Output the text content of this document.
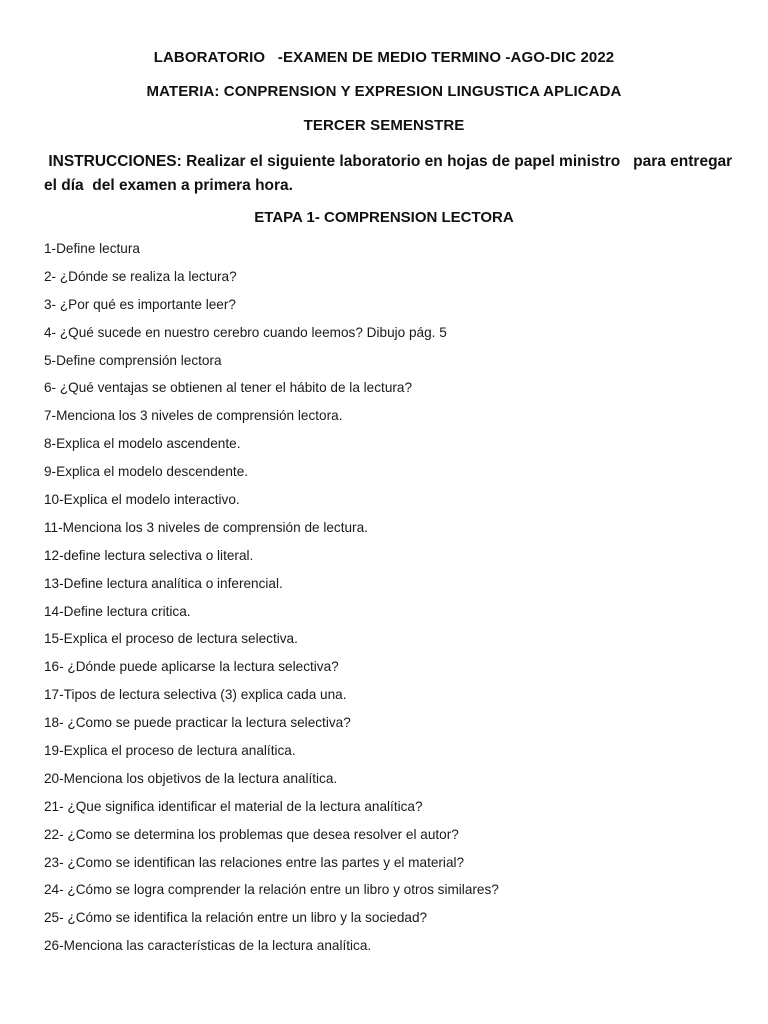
LABORATORIO   -EXAMEN DE MEDIO TERMINO -AGO-DIC 2022
MATERIA: CONPRENSION Y EXPRESION LINGUSTICA APLICADA
TERCER SEMENSTRE
INSTRUCCIONES: Realizar el siguiente laboratorio en hojas de papel ministro   para entregar el día  del examen a primera hora.
ETAPA 1- COMPRENSION LECTORA
1-Define lectura
2- ¿Dónde se realiza la lectura?
3- ¿Por qué es importante leer?
4- ¿Qué sucede en nuestro cerebro cuando leemos? Dibujo pág. 5
5-Define comprensión lectora
6- ¿Qué ventajas se obtienen al tener el hábito de la lectura?
7-Menciona los 3 niveles de comprensión lectora.
8-Explica el modelo ascendente.
9-Explica el modelo descendente.
10-Explica el modelo interactivo.
11-Menciona los 3 niveles de comprensión de lectura.
12-define lectura selectiva o literal.
13-Define lectura analítica o inferencial.
14-Define lectura critica.
15-Explica el proceso de lectura selectiva.
16- ¿Dónde puede aplicarse la lectura selectiva?
17-Tipos de lectura selectiva (3) explica cada una.
18- ¿Como se puede practicar la lectura selectiva?
19-Explica el proceso de lectura analítica.
20-Menciona los objetivos de la lectura analítica.
21- ¿Que significa identificar el material de la lectura analítica?
22- ¿Como se determina los problemas que desea resolver el autor?
23- ¿Como se identifican las relaciones entre las partes y el material?
24- ¿Cómo se logra comprender la relación entre un libro y otros similares?
25- ¿Cómo se identifica la relación entre un libro y la sociedad?
26-Menciona las características de la lectura analítica.
